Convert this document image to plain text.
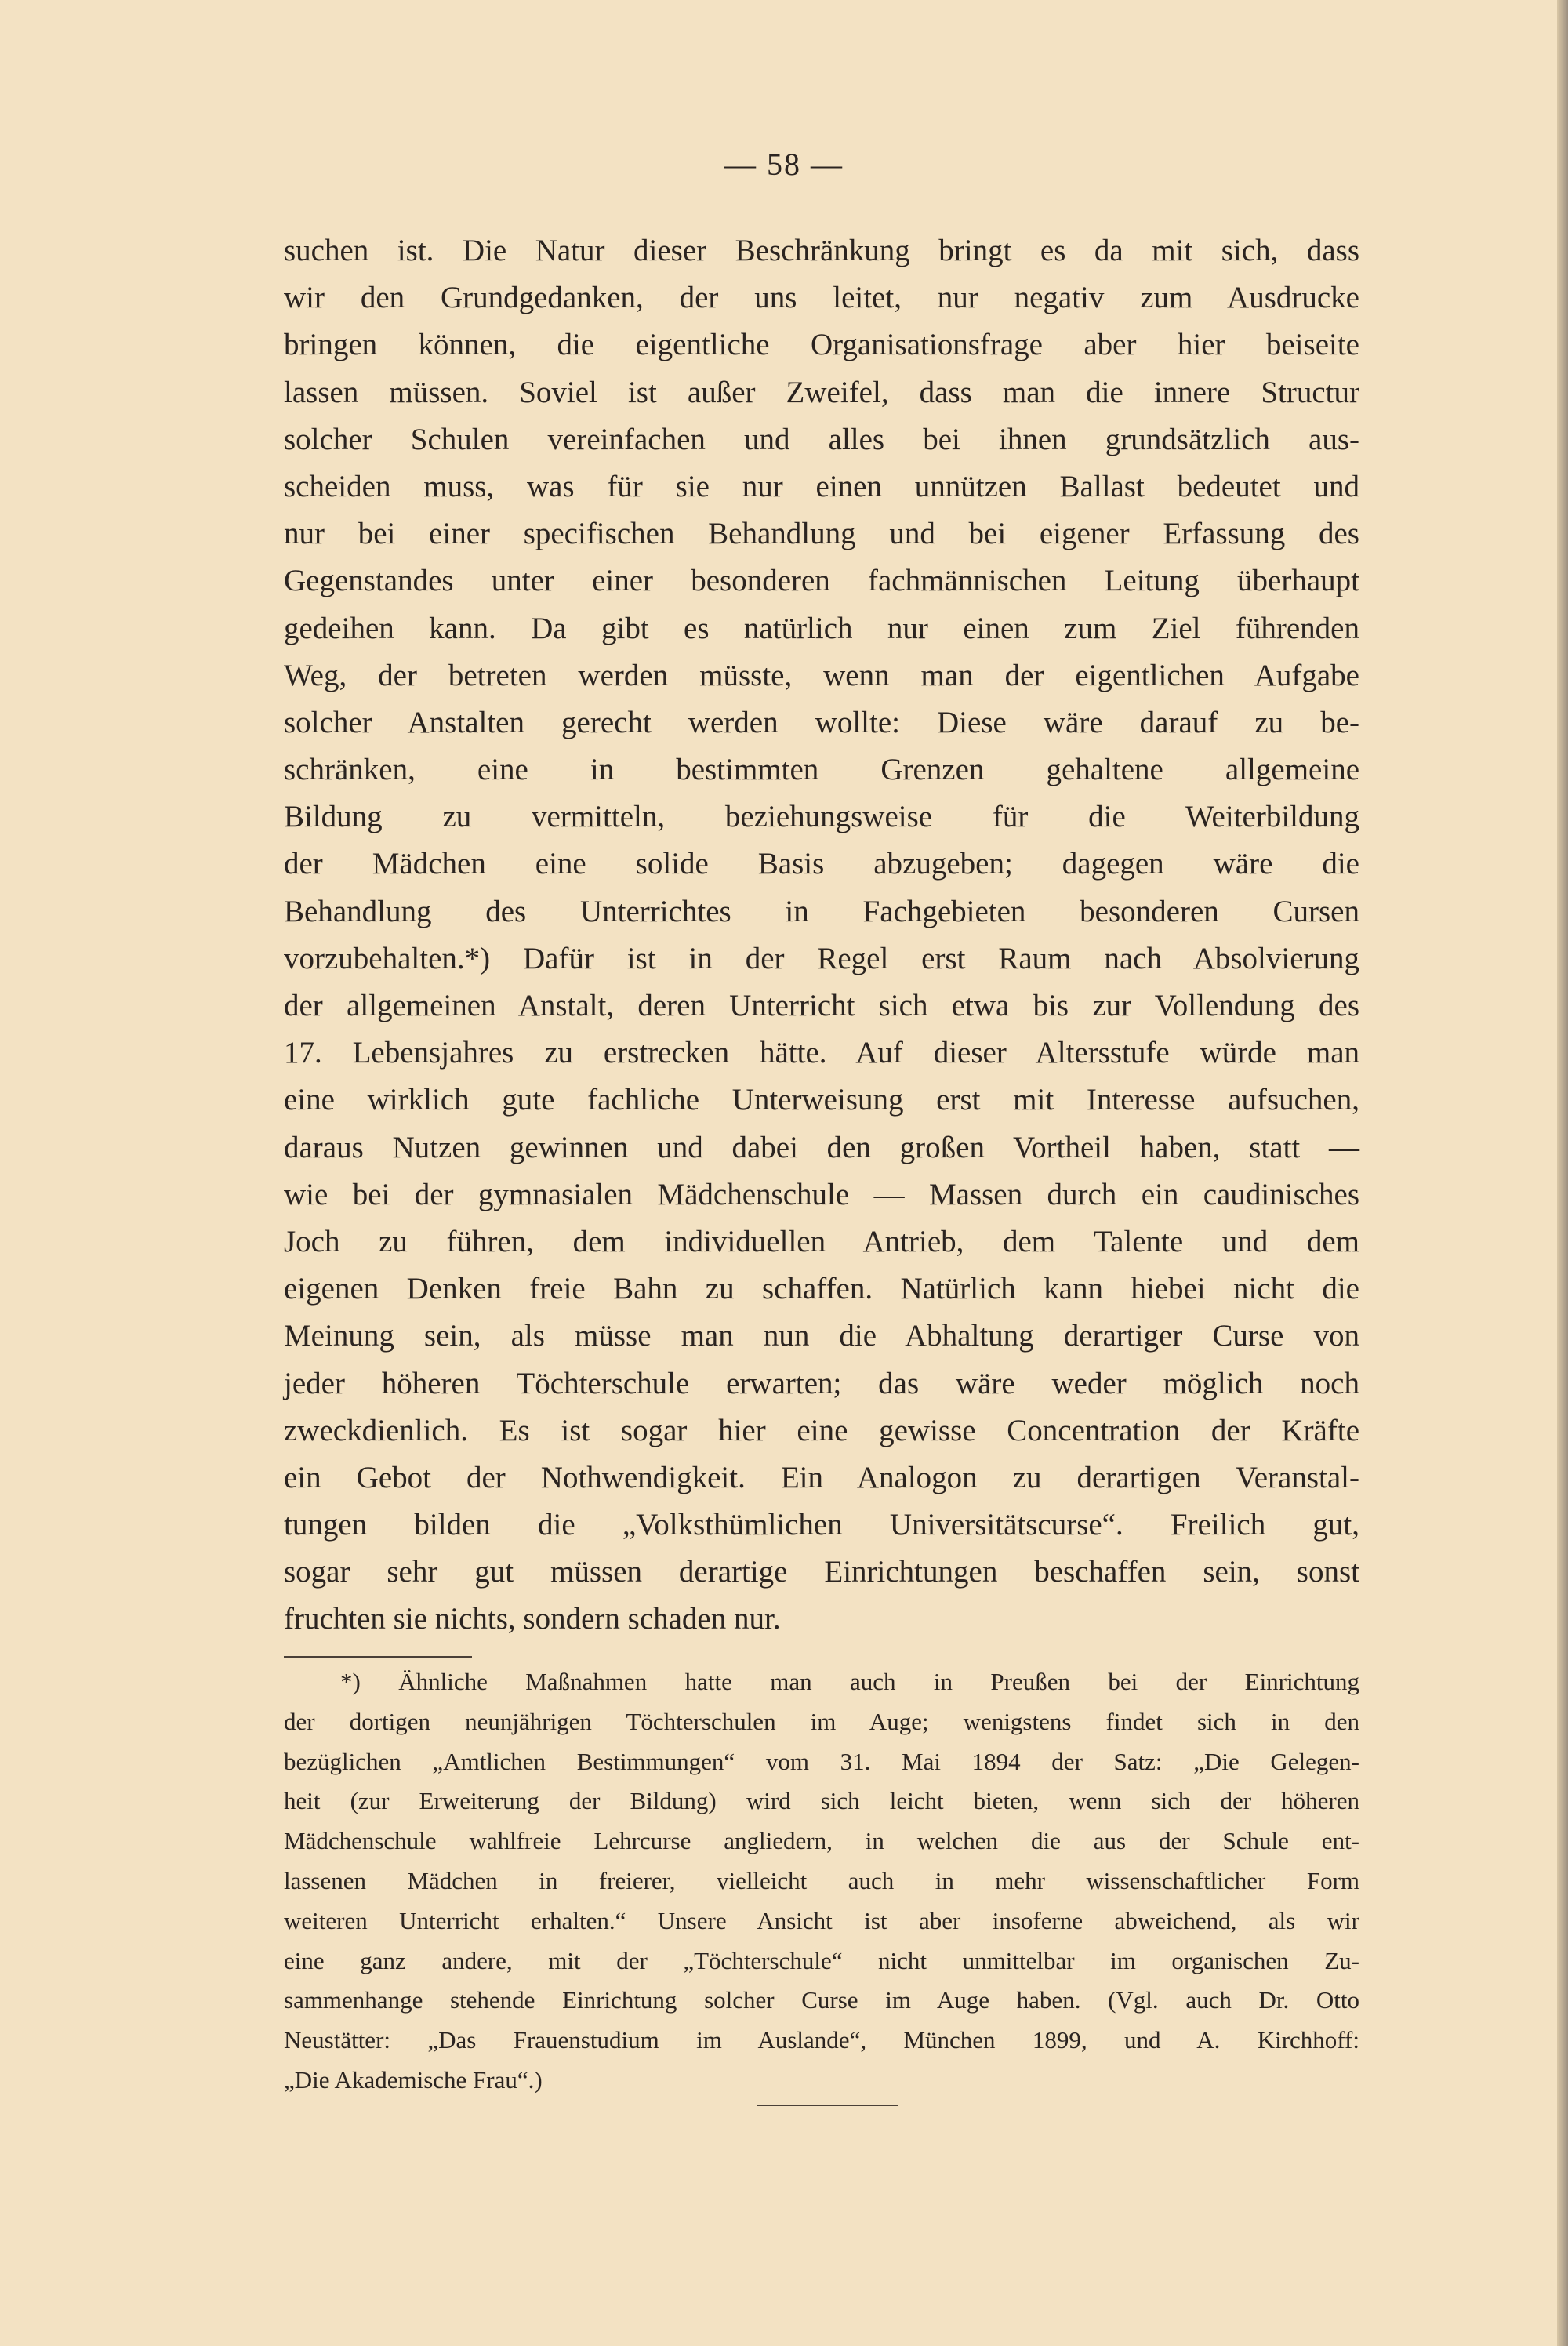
— 58 —
suchen ist. Die Natur dieser Beschränkung bringt es da mit sich, dass
wir den Grundgedanken, der uns leitet, nur negativ zum Ausdrucke
bringen können, die eigentliche Organisationsfrage aber hier beiseite
lassen müssen. Soviel ist außer Zweifel, dass man die innere Structur
solcher Schulen vereinfachen und alles bei ihnen grundsätzlich aus-
scheiden muss, was für sie nur einen unnützen Ballast bedeutet und
nur bei einer specifischen Behandlung und bei eigener Erfassung des
Gegenstandes unter einer besonderen fachmännischen Leitung überhaupt
gedeihen kann. Da gibt es natürlich nur einen zum Ziel führenden
Weg, der betreten werden müsste, wenn man der eigentlichen Aufgabe
solcher Anstalten gerecht werden wollte: Diese wäre darauf zu be-
schränken, eine in bestimmten Grenzen gehaltene allgemeine
Bildung zu vermitteln, beziehungsweise für die Weiterbildung
der Mädchen eine solide Basis abzugeben; dagegen wäre die
Behandlung des Unterrichtes in Fachgebieten besonderen Cursen
vorzubehalten.*) Dafür ist in der Regel erst Raum nach Absolvierung
der allgemeinen Anstalt, deren Unterricht sich etwa bis zur Vollendung des
17. Lebensjahres zu erstrecken hätte. Auf dieser Altersstufe würde man
eine wirklich gute fachliche Unterweisung erst mit Interesse aufsuchen,
daraus Nutzen gewinnen und dabei den großen Vortheil haben, statt —
wie bei der gymnasialen Mädchenschule — Massen durch ein caudinisches
Joch zu führen, dem individuellen Antrieb, dem Talente und dem
eigenen Denken freie Bahn zu schaffen. Natürlich kann hiebei nicht die
Meinung sein, als müsse man nun die Abhaltung derartiger Curse von
jeder höheren Töchterschule erwarten; das wäre weder möglich noch
zweckdienlich. Es ist sogar hier eine gewisse Concentration der Kräfte
ein Gebot der Nothwendigkeit. Ein Analogon zu derartigen Veranstal-
tungen bilden die „Volksthümlichen Universitätscurse“. Freilich gut,
sogar sehr gut müssen derartige Einrichtungen beschaffen sein, sonst
fruchten sie nichts, sondern schaden nur.
*) Ähnliche Maßnahmen hatte man auch in Preußen bei der Einrichtung
der dortigen neunjährigen Töchterschulen im Auge; wenigstens findet sich in den
bezüglichen „Amtlichen Bestimmungen“ vom 31. Mai 1894 der Satz: „Die Gelegen-
heit (zur Erweiterung der Bildung) wird sich leicht bieten, wenn sich der höheren
Mädchenschule wahlfreie Lehrcurse angliedern, in welchen die aus der Schule ent-
lassenen Mädchen in freierer, vielleicht auch in mehr wissenschaftlicher Form
weiteren Unterricht erhalten.“ Unsere Ansicht ist aber insoferne abweichend, als wir
eine ganz andere, mit der „Töchterschule“ nicht unmittelbar im organischen Zu-
sammenhange stehende Einrichtung solcher Curse im Auge haben. (Vgl. auch Dr. Otto
Neustätter: „Das Frauenstudium im Auslande“, München 1899, und A. Kirchhoff:
„Die Akademische Frau“.)
